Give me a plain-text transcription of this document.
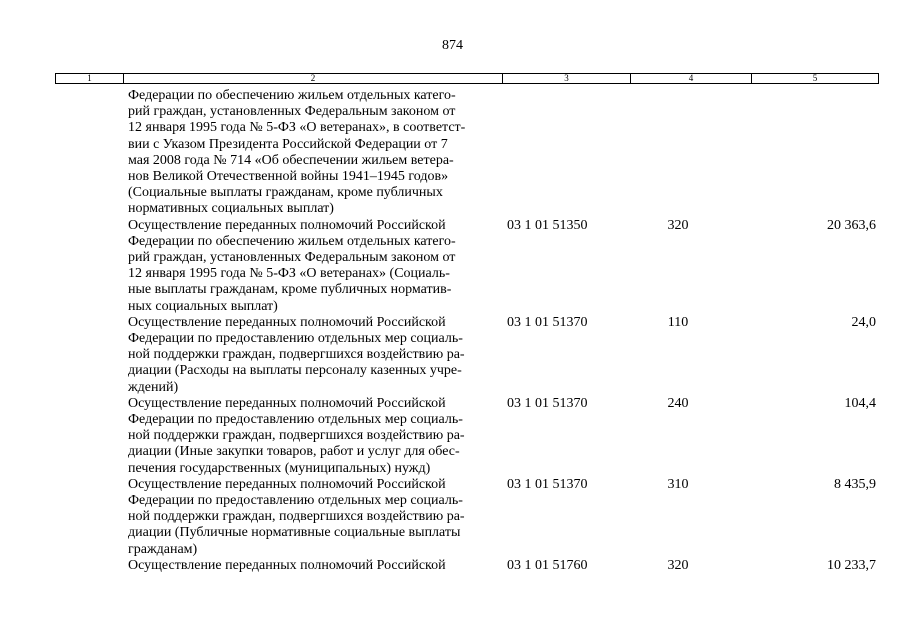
874
1	2	3	4	5
Федерации по обеспечению жильем отдельных катего-
рий граждан, установленных Федеральным законом от
12 января 1995 года № 5-ФЗ «О ветеранах», в соответст-
вии с Указом Президента Российской Федерации от 7
мая 2008 года № 714 «Об обеспечении жильем ветера-
нов Великой Отечественной войны 1941–1945 годов»
(Социальные выплаты гражданам, кроме публичных
нормативных социальных выплат)
Осуществление переданных полномочий Российской
Федерации по обеспечению жильем отдельных катего-
рий граждан, установленных Федеральным законом от
12 января 1995 года № 5-ФЗ «О ветеранах» (Социаль-
ные выплаты гражданам, кроме публичных норматив-
ных социальных выплат)
03 1 01 51350	320	20 363,6
Осуществление переданных полномочий Российской
Федерации по предоставлению отдельных мер социаль-
ной поддержки граждан, подвергшихся воздействию ра-
диации (Расходы на выплаты персоналу казенных учре-
ждений)
03 1 01 51370	110	24,0
Осуществление переданных полномочий Российской
Федерации по предоставлению отдельных мер социаль-
ной поддержки граждан, подвергшихся воздействию ра-
диации (Иные закупки товаров, работ и услуг для обес-
печения государственных (муниципальных) нужд)
03 1 01 51370	240	104,4
Осуществление переданных полномочий Российской
Федерации по предоставлению отдельных мер социаль-
ной поддержки граждан, подвергшихся воздействию ра-
диации (Публичные нормативные социальные выплаты
гражданам)
03 1 01 51370	310	8 435,9
Осуществление переданных полномочий Российской	03 1 01 51760	320	10 233,7
